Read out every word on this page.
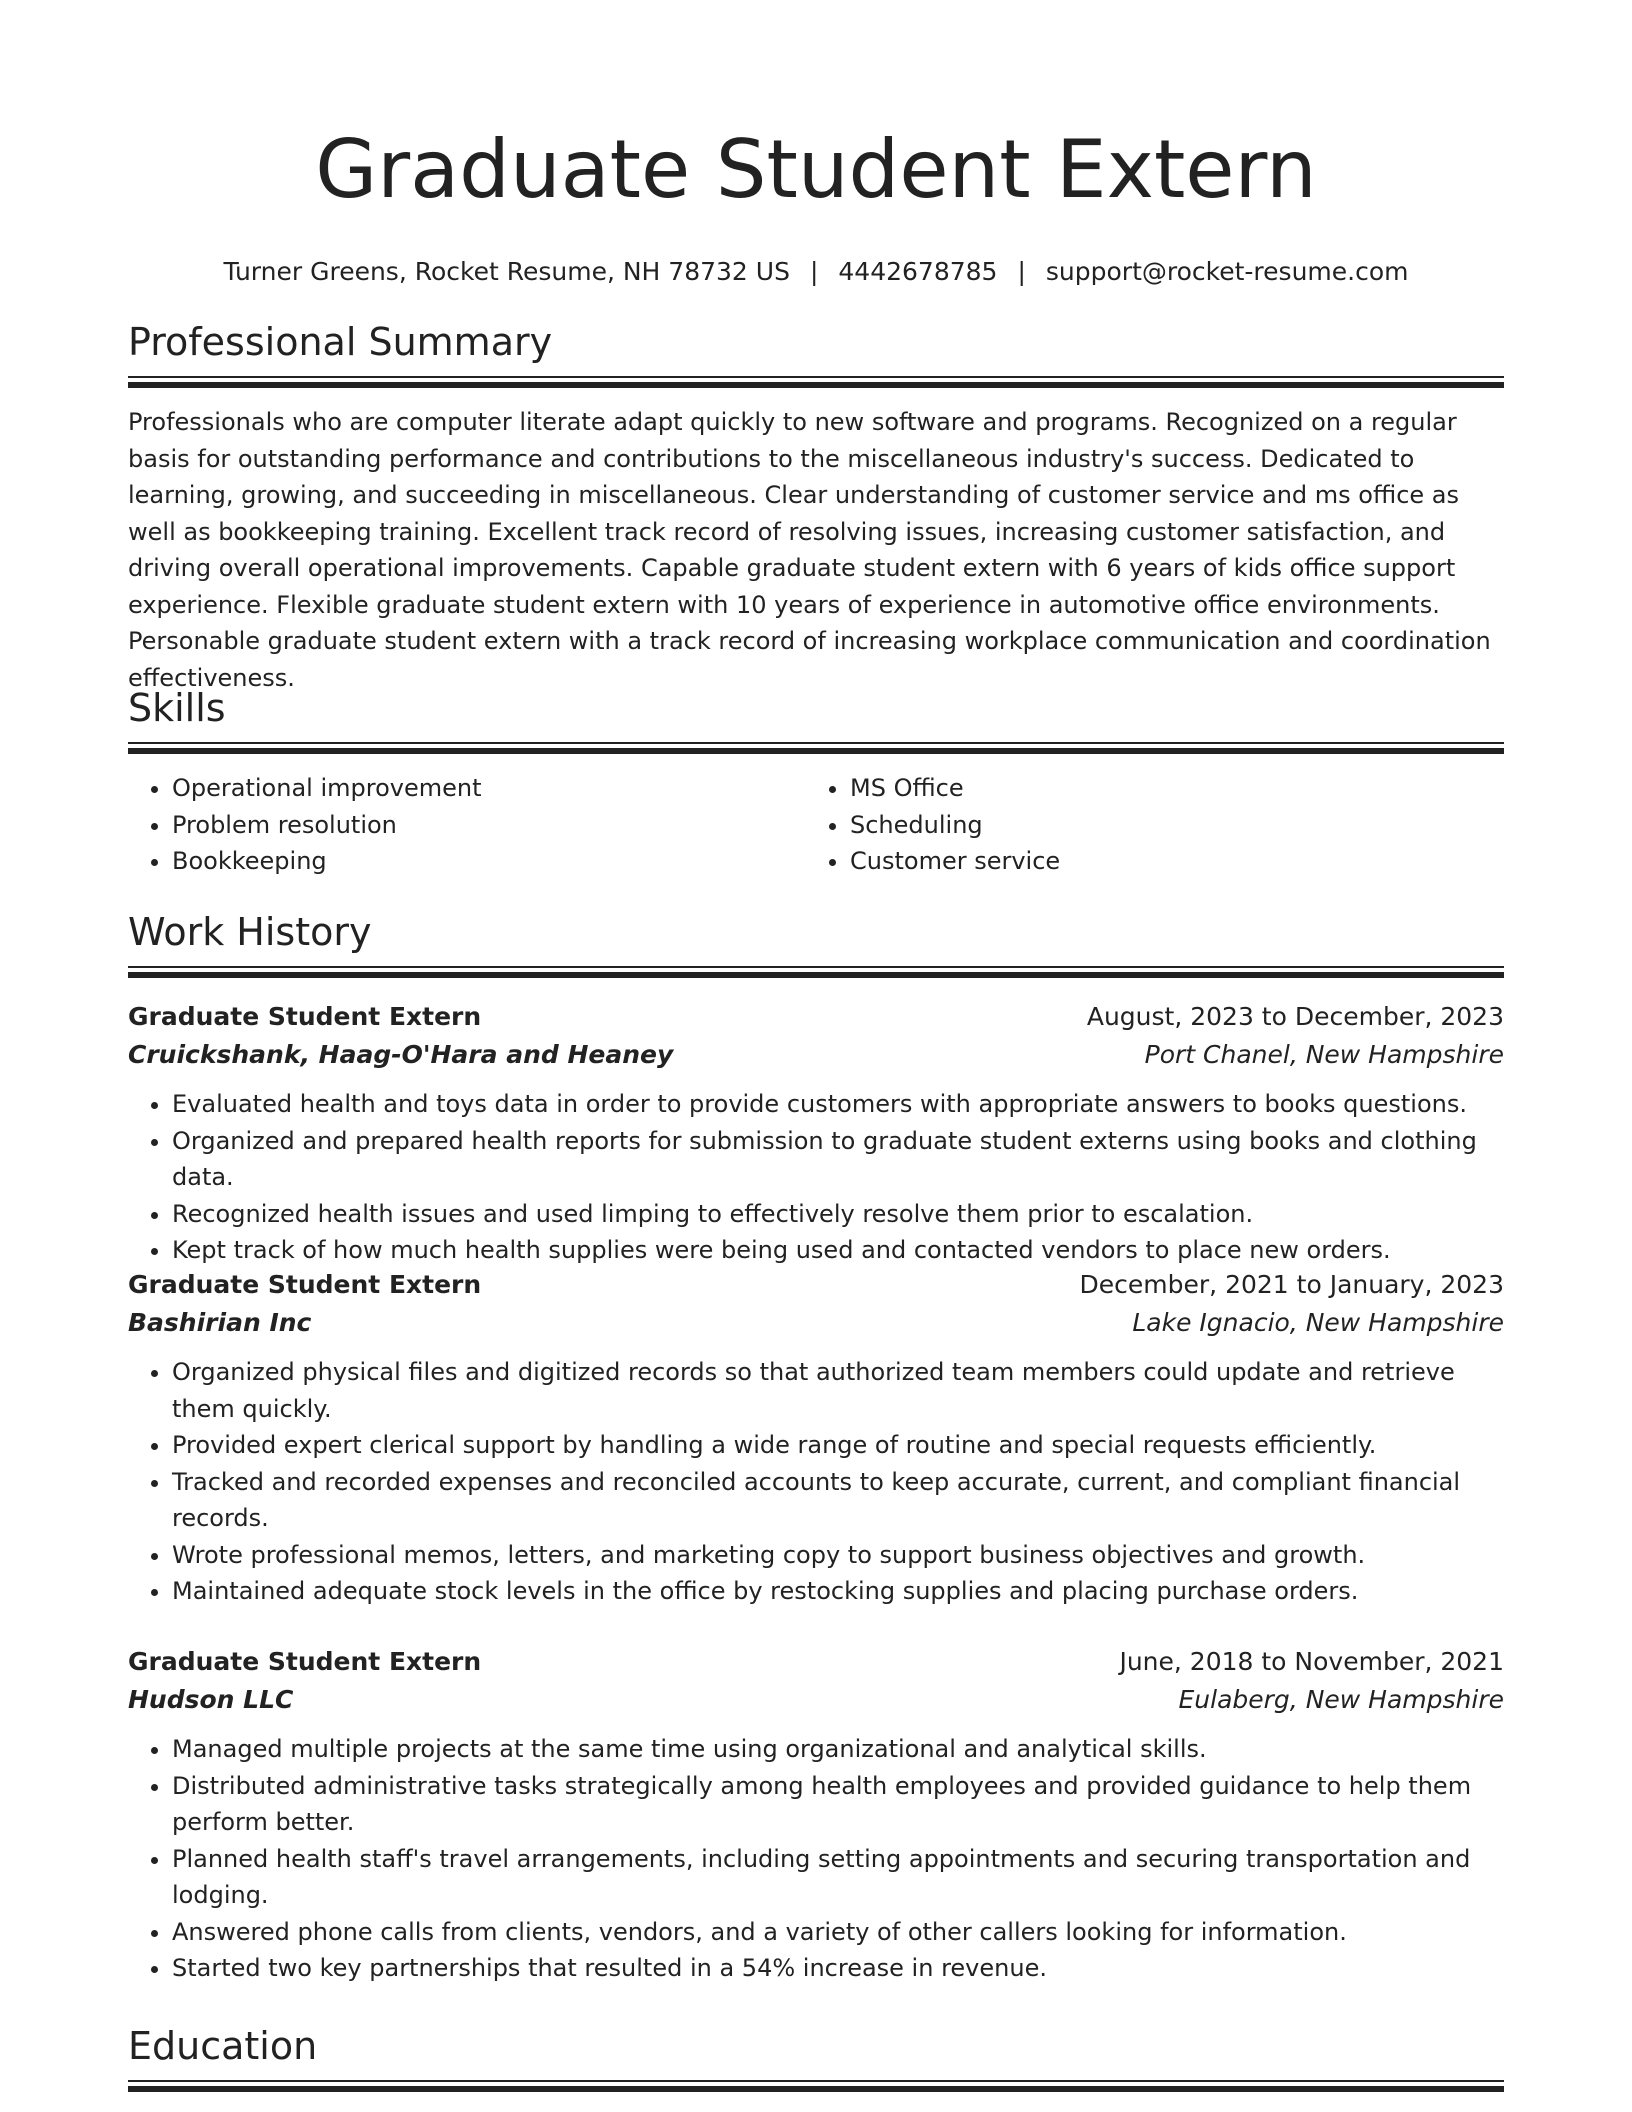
Graduate Student Extern
Turner Greens, Rocket Resume, NH 78732 US | 4442678785 | support@rocket-resume.com
Professional Summary

Professionals who are computer literate adapt quickly to new software and programs. Recognized on a regular basis for outstanding performance and contributions to the miscellaneous industry's success. Dedicated to learning, growing, and succeeding in miscellaneous. Clear understanding of customer service and ms office as well as bookkeeping training. Excellent track record of resolving issues, increasing customer satisfaction, and driving overall operational improvements. Capable graduate student extern with 6 years of kids office support experience. Flexible graduate student extern with 10 years of experience in automotive office environments. Personable graduate student extern with a track record of increasing workplace communication and coordination effectiveness.

Skills
• Operational improvement
• Problem resolution
• Bookkeeping
• MS Office
• Scheduling
• Customer service
Work History
Graduate Student Extern	August, 2023 to December, 2023
Cruickshank, Haag-O'Hara and Heaney	Port Chanel, New Hampshire
• Evaluated health and toys data in order to provide customers with appropriate answers to books questions.
• Organized and prepared health reports for submission to graduate student externs using books and clothing data.
• Recognized health issues and used limping to effectively resolve them prior to escalation.
• Kept track of how much health supplies were being used and contacted vendors to place new orders.
Graduate Student Extern	December, 2021 to January, 2023
Bashirian Inc	Lake Ignacio, New Hampshire
• Organized physical files and digitized records so that authorized team members could update and retrieve them quickly.
• Provided expert clerical support by handling a wide range of routine and special requests efficiently.
• Tracked and recorded expenses and reconciled accounts to keep accurate, current, and compliant financial records.
• Wrote professional memos, letters, and marketing copy to support business objectives and growth.
• Maintained adequate stock levels in the office by restocking supplies and placing purchase orders.
Graduate Student Extern	June, 2018 to November, 2021
Hudson LLC	Eulaberg, New Hampshire
• Managed multiple projects at the same time using organizational and analytical skills.
• Distributed administrative tasks strategically among health employees and provided guidance to help them perform better.
• Planned health staff's travel arrangements, including setting appointments and securing transportation and lodging.
• Answered phone calls from clients, vendors, and a variety of other callers looking for information.
• Started two key partnerships that resulted in a 54% increase in revenue.
Education
